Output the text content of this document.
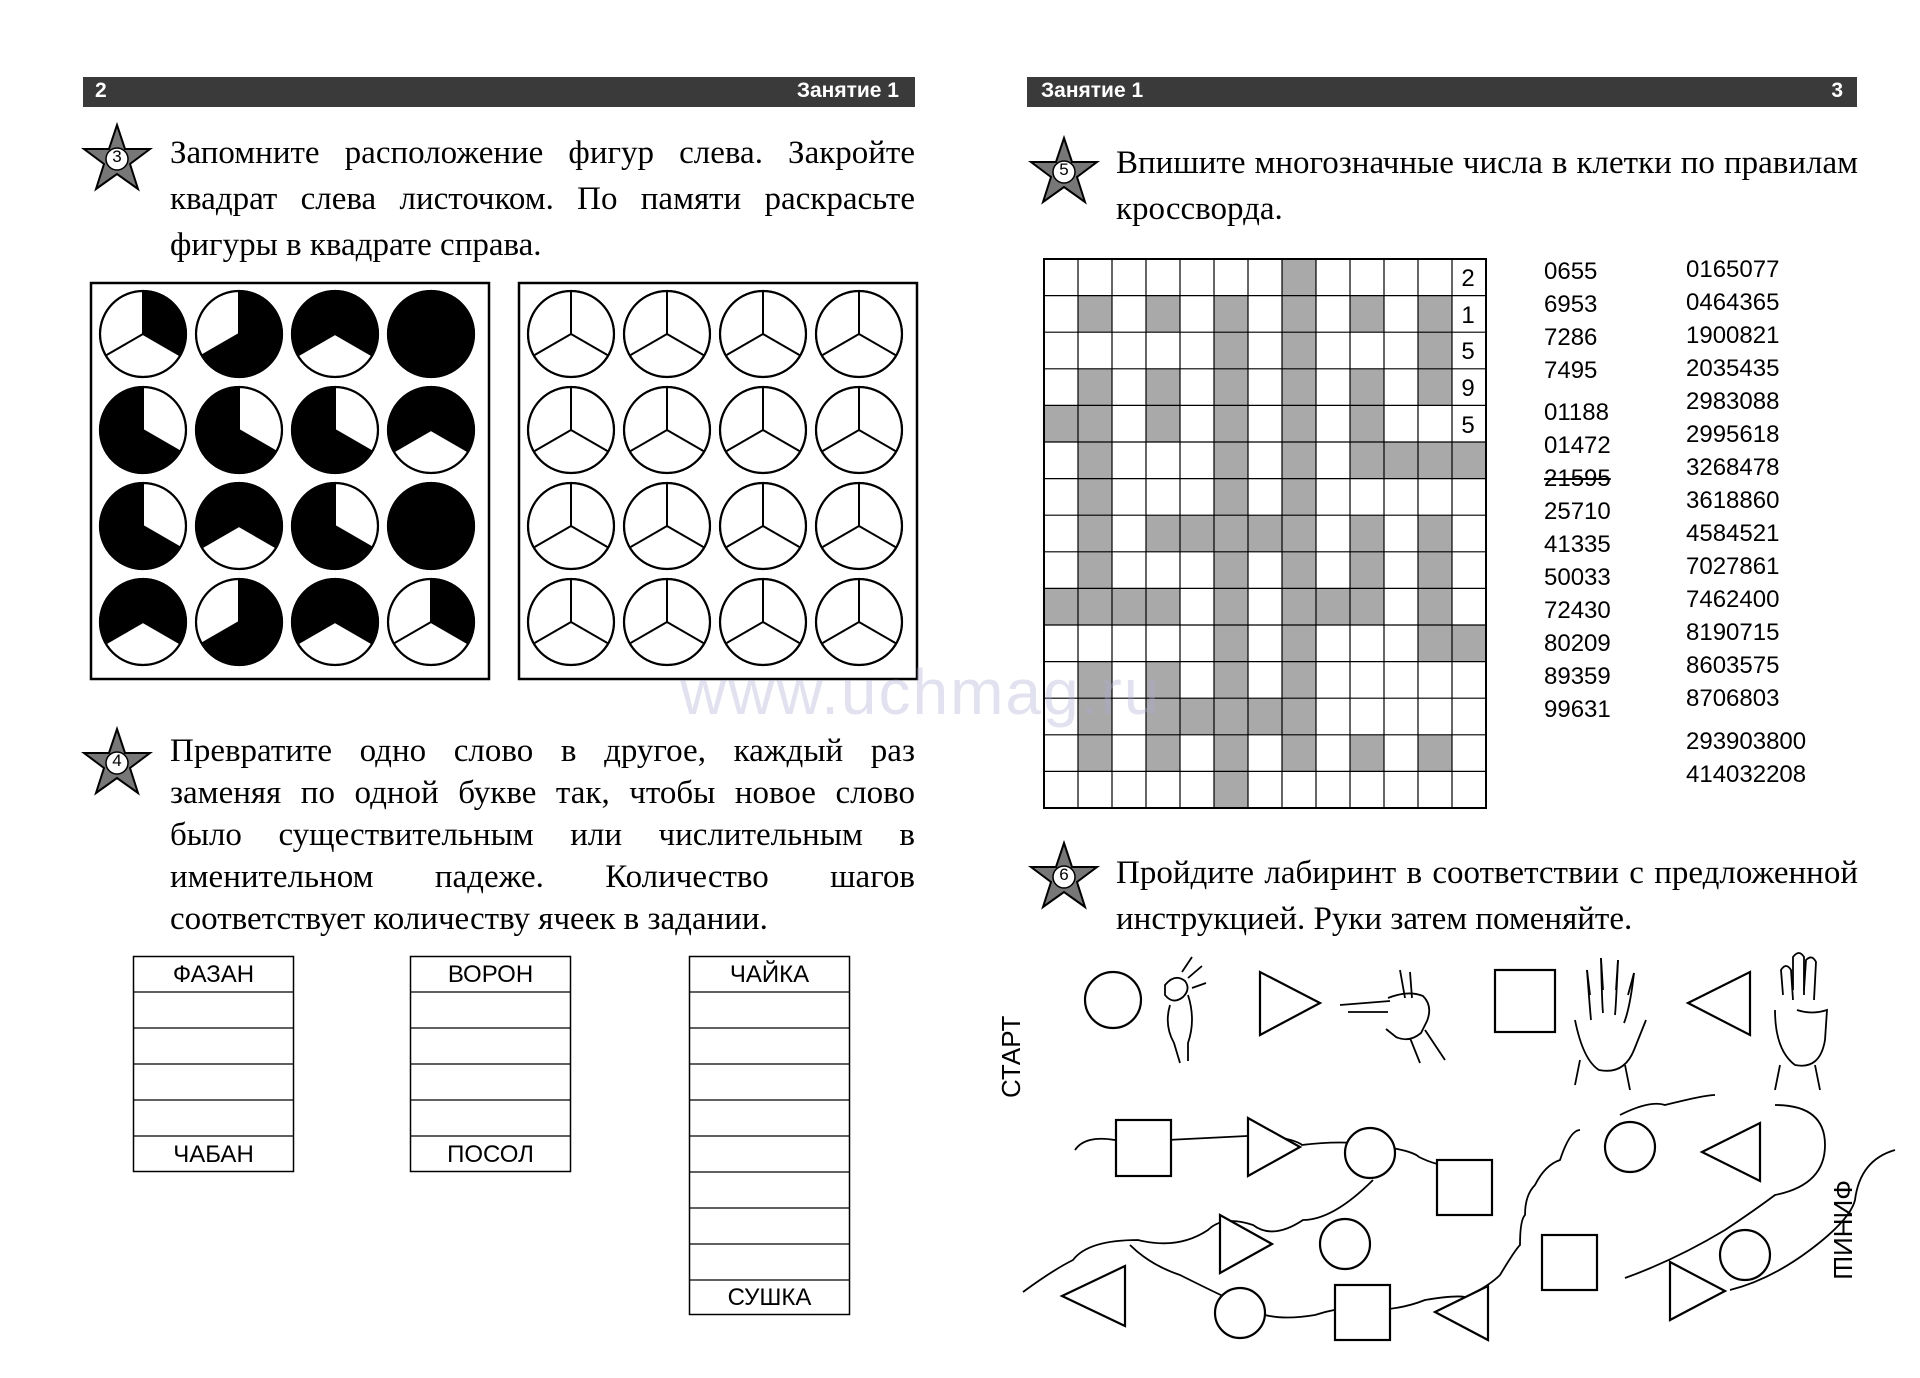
2	Занятие 1
3 Запомните расположение фигур слева. Закройте квадрат слева листочком. По памяти раскрасьте фигуры в квадрате справа.
4 Превратите одно слово в другое, каждый раз заменяя по одной букве так, чтобы новое слово было существительным или числительным в именительном падеже. Количество шагов соответствует количеству ячеек в задании.
ФАЗАН
ЧАБАН
ВОРОН
ПОСОЛ
ЧАЙКА
СУШКА
Занятие 1	3
5 Впишите многозначные числа в клетки по правилам кроссворда.
2
1
5
9
5
0655
6953
7286
7495
01188
01472
21595
25710
41335
50033
72430
80209
89359
99631
0165077
0464365
1900821
2035435
2983088
2995618
3268478
3618860
4584521
7027861
7462400
8190715
8603575
8706803
293903800
414032208
6 Пройдите лабиринт в соответствии с предложенной инструкцией. Руки затем поменяйте.
СТАРТ
ФИНИШ
www.uchmag.ru
